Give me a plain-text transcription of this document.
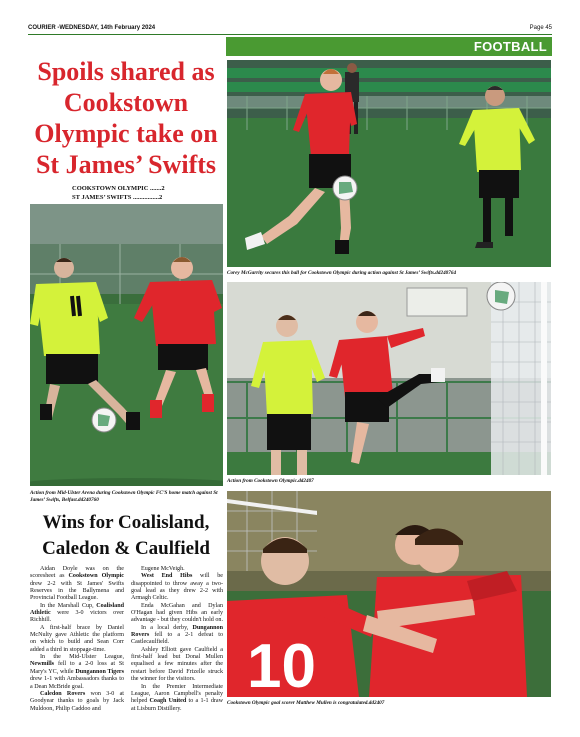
COURIER -WEDNESDAY, 14th February 2024	Page 45
FOOTBALL
Spoils shared as Cookstown Olympic take on St James’ Swifts
COOKSTOWN OLYMPIC .......2
ST JAMES’ SWIFTS ................2
Corey McGarrity secures this ball for Cookstown Olympic during action against St James’ Swifts.dd240764
Action from Mid-Ulster Arena during Cookstown Olympic FC’S home match against St James’ Swifts, Belfast.dd240760
Action from Cookstown Olympic.dd2407
Wins for Coalisland, Caledon & Caulfield
10
Cookstown Olympic goal scorer Matthew Mullen is congratulated.dd2407

Aidan Doyle was on the scoresheet as Cookstown Olympic drew 2-2 with St James' Swifts Reserves in the Ballymena and Provincial Football League.

In the Marshall Cup, Coalisland Athletic were 3-0 victors over Richhill.

A first-half brace by Daniel McNulty gave Athletic the platform on which to build and Sean Corr added a third in stoppage-time.

In the Mid-Ulster League, Newmills fell to a 2-0 loss at St Mary's YC, while Dungannon Tigers drew 1-1 with Ambassadors thanks to a Dean McBride goal.

Caledon Rovers won 3-0 at Goodyear thanks to goals by Jack Muldoon, Philip Caddoo and

Eugene McVeigh.

West End Hibs will be disappointed to throw away a two-goal lead as they drew 2-2 with Armagh Celtic.

Enda McGahan and Dylan O'Hagan had given Hibs an early advantage - but they couldn't hold on.

In a local derby, Dungannon Rovers fell to a 2-1 defeat to Castlecaulfield.

Ashley Elliott gave Caulfield a first-half lead but Donal Mullen equalised a few minutes after the restart before David Frizelle struck the winner for the visitors.

In the Premier Intermediate League, Aaron Campbell's penalty helped Coagh United to a 1-1 draw at Lisburn Distillery.
